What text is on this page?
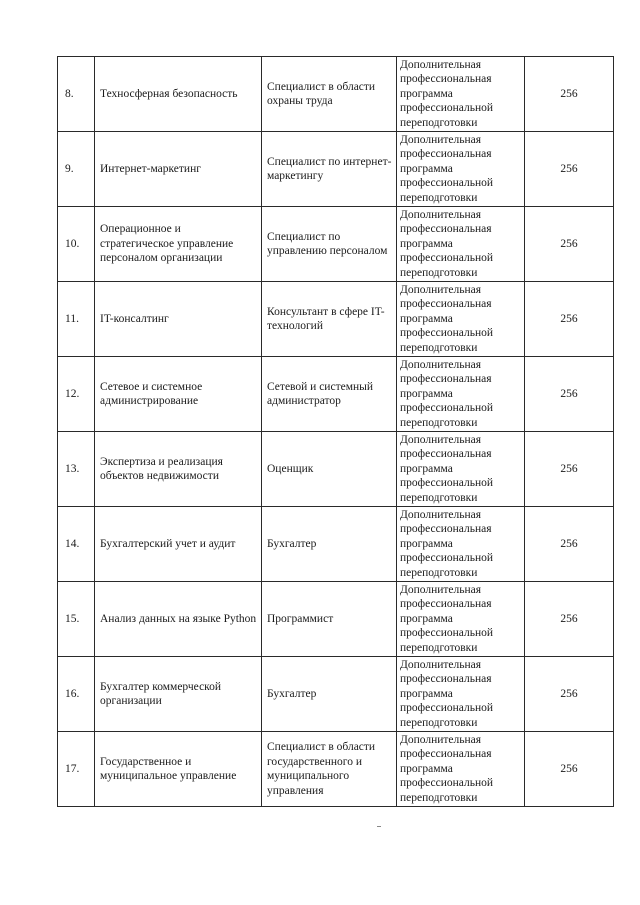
8.	Техносферная безопасность	Специалист в области охраны труда	Дополнительная профессиональная программа профессиональной переподготовки	256
9.	Интернет-маркетинг	Специалист по интернет-маркетингу	Дополнительная профессиональная программа профессиональной переподготовки	256
10.	Операционное и стратегическое управление персоналом организации	Специалист по управлению персоналом	Дополнительная профессиональная программа профессиональной переподготовки	256
11.	IT-консалтинг	Консультант в сфере IT-технологий	Дополнительная профессиональная программа профессиональной переподготовки	256
12.	Сетевое и системное администрирование	Сетевой и системный администратор	Дополнительная профессиональная программа профессиональной переподготовки	256
13.	Экспертиза и реализация объектов недвижимости	Оценщик	Дополнительная профессиональная программа профессиональной переподготовки	256
14.	Бухгалтерский учет и аудит	Бухгалтер	Дополнительная профессиональная программа профессиональной переподготовки	256
15.	Анализ данных на языке Python	Программист	Дополнительная профессиональная программа профессиональной переподготовки	256
16.	Бухгалтер коммерческой организации	Бухгалтер	Дополнительная профессиональная программа профессиональной переподготовки	256
17.	Государственное и муниципальное управление	Специалист в области государственного и муниципального управления	Дополнительная профессиональная программа профессиональной переподготовки	256
